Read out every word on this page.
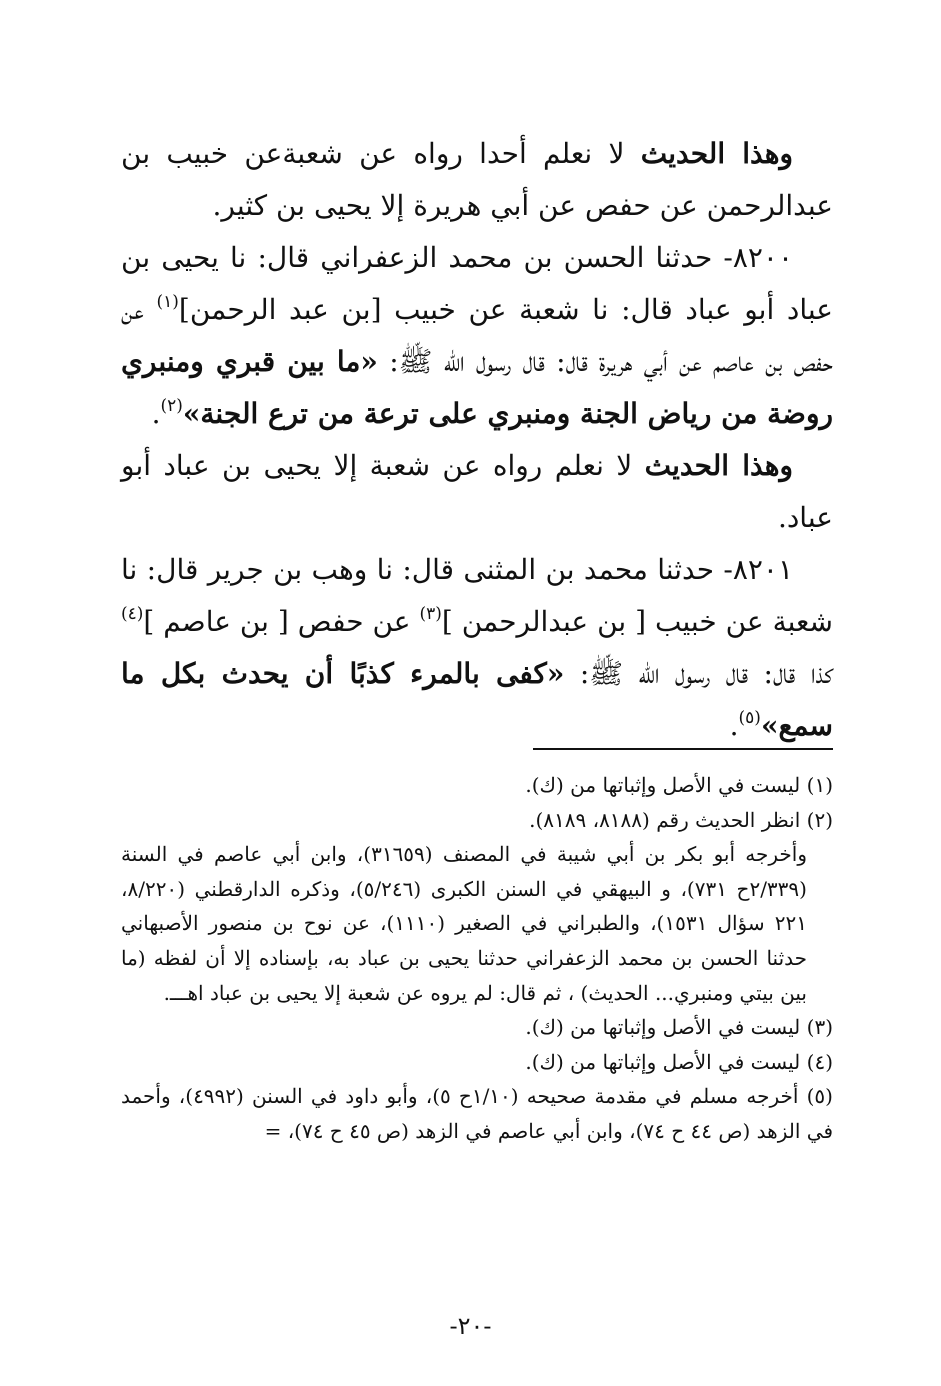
وهذا الحديث لا نعلم أحدا رواه عن شعبةعن خبيب بن عبدالرحمن عن حفص عن أبي هريرة إلا يحيى بن كثير.

٨٢٠٠- حدثنا الحسن بن محمد الزعفراني قال: نا يحيى بن عباد أبو عباد قال: نا شعبة عن خبيب [بن عبد الرحمن]$^{(١)}$ عن حفص بن عاصم عن أبي هريرة قال: قال رسول الله ﷺ: «ما بين قبري ومنبري روضة من رياض الجنة ومنبري على ترعة من ترع الجنة»$^{(٢)}$.

وهذا الحديث لا نعلم رواه عن شعبة إلا يحيى بن عباد أبو عباد.

٨٢٠١- حدثنا محمد بن المثنى قال: نا وهب بن جرير قال: نا شعبة عن خبيب [ بن عبدالرحمن ]$^{(٣)}$ عن حفص [ بن عاصم ]$^{(٤)}$ كذا قال: قال رسول الله ﷺ: «كفى بالمرء كذبًا أن يحدث بكل ما سمع»$^{(٥)}$.

(١) ليست في الأصل وإثباتها من (ك).

(٢) انظر الحديث رقم (٨١٨٨، ٨١٨٩).

وأخرجه أبو بكر بن أبي شيبة في المصنف (٣١٦٥٩)، وابن أبي عاصم في السنة (٢/٣٣٩ح ٧٣١)، و البيهقي في السنن الكبرى (٥/٢٤٦)، وذكره الدارقطني (٨/٢٢٠، ٢٢١ سؤال ١٥٣١)، والطبراني في الصغير (١١١٠)، عن نوح بن منصور الأصبهاني حدثنا الحسن بن محمد الزعفراني حدثنا يحيى بن عباد به، بإسناده إلا أن لفظه (ما بين بيتي ومنبري... الحديث) ، ثم قال: لم يروه عن شعبة إلا يحيى بن عباد اهـــ.

(٣) ليست في الأصل وإثباتها من (ك).

(٤) ليست في الأصل وإثباتها من (ك).

(٥) أخرجه مسلم في مقدمة صحيحه (١/١٠ح ٥)، وأبو داود في السنن (٤٩٩٢)، وأحمد في الزهد (ص ٤٤ ح ٧٤)، وابن أبي عاصم في الزهد (ص ٤٥ ح ٧٤)، =

-٢٠-
